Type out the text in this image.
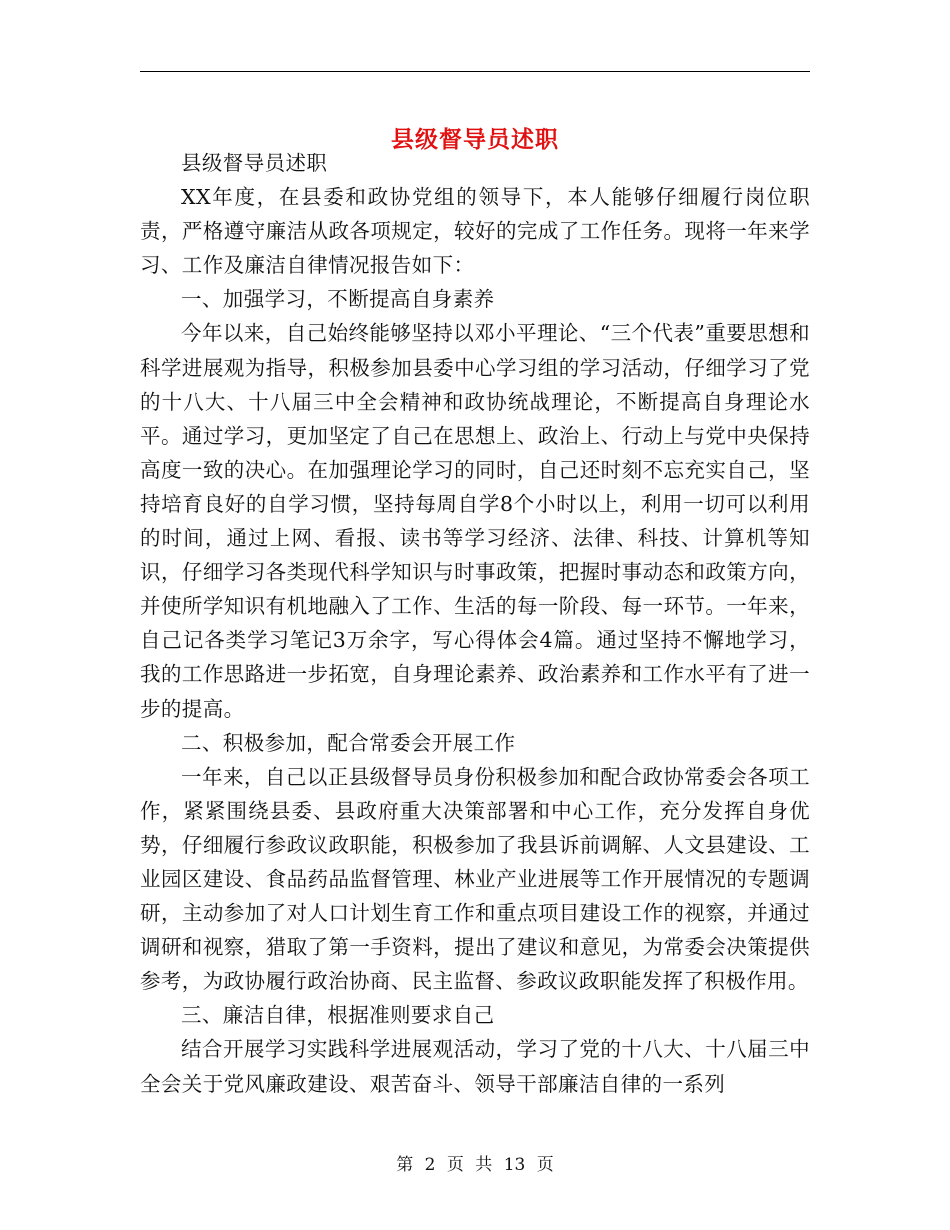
县级督导员述职

县级督导员述职

XX年度，在县委和政协党组的领导下，本人能够仔细履行岗位职责，严格遵守廉洁从政各项规定，较好的完成了工作任务。现将一年来学习、工作及廉洁自律情况报告如下：

一、加强学习，不断提高自身素养

今年以来，自己始终能够坚持以邓小平理论、“三个代表”重要思想和科学进展观为指导，积极参加县委中心学习组的学习活动，仔细学习了党的十八大、十八届三中全会精神和政协统战理论，不断提高自身理论水平。通过学习，更加坚定了自己在思想上、政治上、行动上与党中央保持高度一致的决心。在加强理论学习的同时，自己还时刻不忘充实自己，坚持培育良好的自学习惯，坚持每周自学8个小时以上，利用一切可以利用的时间，通过上网、看报、读书等学习经济、法律、科技、计算机等知识，仔细学习各类现代科学知识与时事政策，把握时事动态和政策方向，并使所学知识有机地融入了工作、生活的每一阶段、每一环节。一年来，自己记各类学习笔记3万余字，写心得体会4篇。通过坚持不懈地学习，我的工作思路进一步拓宽，自身理论素养、政治素养和工作水平有了进一步的提高。

二、积极参加，配合常委会开展工作

一年来，自己以正县级督导员身份积极参加和配合政协常委会各项工作，紧紧围绕县委、县政府重大决策部署和中心工作，充分发挥自身优势，仔细履行参政议政职能，积极参加了我县诉前调解、人文县建设、工业园区建设、食品药品监督管理、林业产业进展等工作开展情况的专题调研，主动参加了对人口计划生育工作和重点项目建设工作的视察，并通过调研和视察，猎取了第一手资料，提出了建议和意见，为常委会决策提供参考，为政协履行政治协商、民主监督、参政议政职能发挥了积极作用。

三、廉洁自律，根据准则要求自己

结合开展学习实践科学进展观活动，学习了党的十八大、十八届三中全会关于党风廉政建设、艰苦奋斗、领导干部廉洁自律的一系列

第 2 页 共 13 页
